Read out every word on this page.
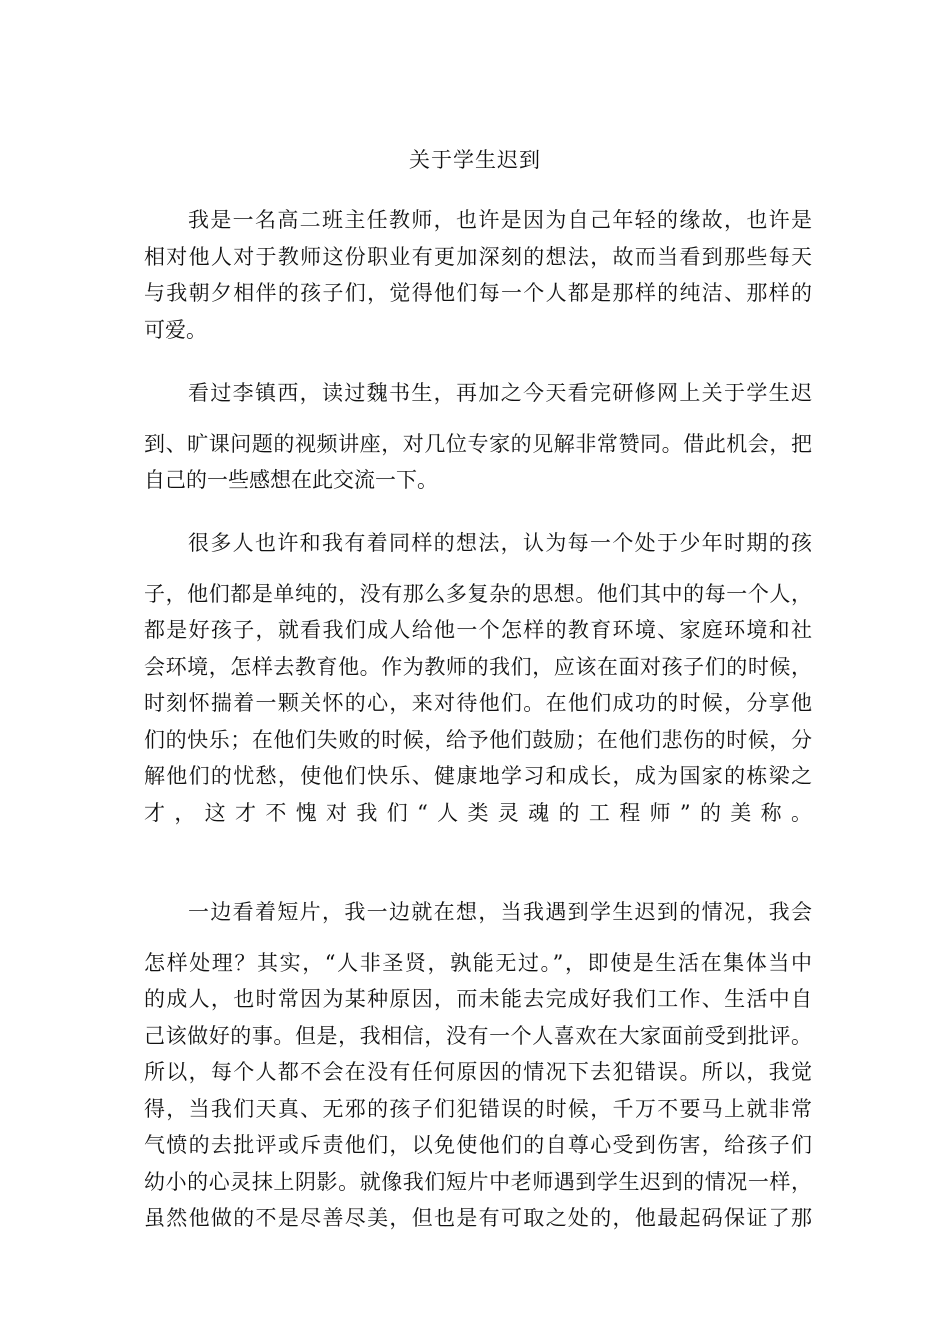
关于学生迟到
我是一名高二班主任教师，也许是因为自己年轻的缘故，也许是
相对他人对于教师这份职业有更加深刻的想法，故而当看到那些每天
与我朝夕相伴的孩子们，觉得他们每一个人都是那样的纯洁、那样的
可爱。
看过李镇西，读过魏书生，再加之今天看完研修网上关于学生迟
到、旷课问题的视频讲座，对几位专家的见解非常赞同。借此机会，把
自己的一些感想在此交流一下。
很多人也许和我有着同样的想法，认为每一个处于少年时期的孩
子，他们都是单纯的，没有那么多复杂的思想。他们其中的每一个人，
都是好孩子，就看我们成人给他一个怎样的教育环境、家庭环境和社
会环境，怎样去教育他。作为教师的我们，应该在面对孩子们的时候，
时刻怀揣着一颗关怀的心，来对待他们。在他们成功的时候，分享他
们的快乐；在他们失败的时候，给予他们鼓励；在他们悲伤的时候，分
解他们的忧愁，使他们快乐、健康地学习和成长，成为国家的栋梁之
才，这才不愧对我们“人类灵魂的工程师”的美称。
一边看着短片，我一边就在想，当我遇到学生迟到的情况，我会
怎样处理？其实，“人非圣贤，孰能无过。”，即使是生活在集体当中
的成人，也时常因为某种原因，而未能去完成好我们工作、生活中自
己该做好的事。但是，我相信，没有一个人喜欢在大家面前受到批评。
所以，每个人都不会在没有任何原因的情况下去犯错误。所以，我觉
得，当我们天真、无邪的孩子们犯错误的时候，千万不要马上就非常
气愤的去批评或斥责他们，以免使他们的自尊心受到伤害，给孩子们
幼小的心灵抹上阴影。就像我们短片中老师遇到学生迟到的情况一样，
虽然他做的不是尽善尽美，但也是有可取之处的，他最起码保证了那
